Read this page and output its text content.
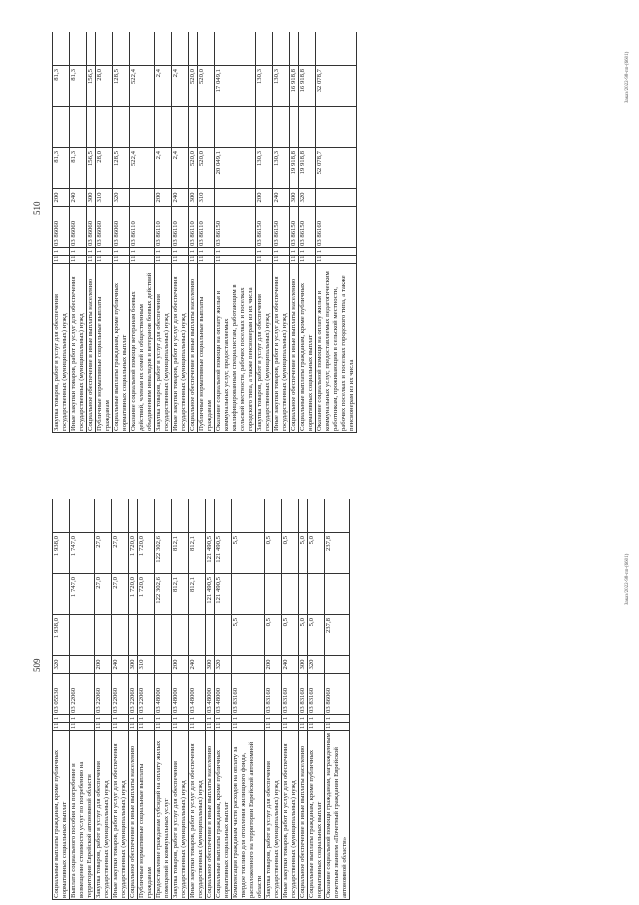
509
Социальные выплаты гражданам, кроме публичных нормативных социальных выплат
11
1
03 05530
320
1 938,0
1 938,0
Выплата социального пособия на погребение и возмещение стоимости услуг по погребению на территории Еврейской автономной области
11
1
03 22060
1 747,0
1 747,0
Закупка товаров, работ и услуг для обеспечения государственных (муниципальных) нужд
11
1
03 22060
200
27,0
27,0
Иные закупки товаров, работ и услуг для обеспечения государственных (муниципальных) нужд
11
1
03 22060
240
27,0
27,0
Социальное обеспечение и иные выплаты населению
11
1
03 22060
300
1 720,0
1 720,0
Публичные нормативные социальные выплаты гражданам
11
1
03 22060
310
1 720,0
1 720,0
Предоставление гражданам субсидий на оплату жилых помещений и коммунальных услуг
11
1
03 48000
122 302,6
122 302,6
Закупка товаров, работ и услуг для обеспечения государственных (муниципальных) нужд
11
1
03 48000
200
812,1
812,1
Иные закупки товаров, работ и услуг для обеспечения государственных (муниципальных) нужд
11
1
03 48000
240
812,1
812,1
Социальное обеспечение и иные выплаты населению
11
1
03 48000
300
121 490,5
121 490,5
Социальные выплаты гражданам, кроме публичных нормативных социальных выплат
11
1
03 48000
320
121 490,5
121 490,5
Компенсация гражданам части расходов на оплату за твердое топливо для отопления жилищного фонда, расположенного на территории Еврейской автономной области
11
1
03 83160
5,5
5,5
Закупка товаров, работ и услуг для обеспечения государственных (муниципальных) нужд
11
1
03 83160
200
0,5
0,5
Иные закупки товаров, работ и услуг для обеспечения государственных (муниципальных) нужд
11
1
03 83160
240
0,5
0,5
Социальное обеспечение и иные выплаты населению
11
1
03 83160
300
5,0
5,0
Социальные выплаты гражданам, кроме публичных нормативных социальных выплат
11
1
03 83160
320
5,0
5,0
Оказание социальной помощи гражданам, награжденным почетным званием «Почетный гражданин Еврейской автономной области»
11
1
03 86060
237,8
237,8
Заказ/2022-98-пп-(6601)
510
Закупка товаров, работ и услуг для обеспечения государственных (муниципальных) нужд
11
1
03 86060
200
81,3
81,3
Иные закупки товаров, работ и услуг для обеспечения государственных (муниципальных) нужд
11
1
03 86060
240
81,3
81,3
Социальное обеспечение и иные выплаты населению
11
1
03 86060
300
156,5
156,5
Публичные нормативные социальные выплаты гражданам
11
1
03 86060
310
28,0
28,0
Социальные выплаты гражданам, кроме публичных нормативных социальных выплат
11
1
03 86060
320
128,5
128,5
Оказание социальной помощи ветеранам боевых действий, членам их семей и общественным объединениям инвалидов и ветеранов боевых действий
11
1
03 86110
522,4
522,4
Закупка товаров, работ и услуг для обеспечения государственных (муниципальных) нужд
11
1
03 86110
200
2,4
2,4
Иные закупки товаров, работ и услуг для обеспечения государственных (муниципальных) нужд
11
1
03 86110
240
2,4
2,4
Социальное обеспечение и иные выплаты населению
11
1
03 86110
300
520,0
520,0
Публичные нормативные социальные выплаты гражданам
11
1
03 86110
310
520,0
520,0
Оказание социальной помощи на оплату жилья и коммунальных услуг, предоставляемых квалифицированным специалистам, работающим в сельской местности, рабочих поселках и поселках городского типа, а также пенсионерам из их числа
11
1
03 86150
20 049,1
17 049,1
Закупка товаров, работ и услуг для обеспечения государственных (муниципальных) нужд
11
1
03 86150
200
130,3
130,3
Иные закупки товаров, работ и услуг для обеспечения государственных (муниципальных) нужд
11
1
03 86150
240
130,3
130,3
Социальное обеспечение и иные выплаты населению
11
1
03 86150
300
19 918,8
16 918,8
Социальные выплаты гражданам, кроме публичных нормативных социальных выплат
11
1
03 86150
320
19 918,8
16 918,8
Оказание социальной помощи на оплату жилья и коммунальных услуг, предоставляемых педагогическим работникам, проживающим в сельской местности, рабочих поселках и поселках городского типа, а также пенсионерам из их числа
11
1
03 86160
52 078,7
32 078,7	Заказ/2022-98-пп-(6601)
